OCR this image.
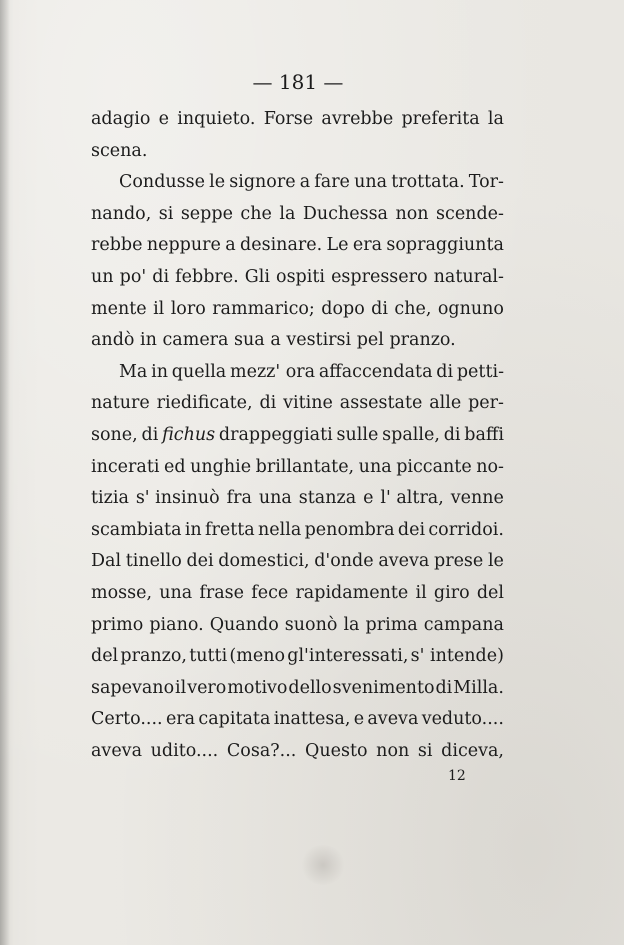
— 181 —
adagio e inquieto. Forse avrebbe preferita la
scena.
Condusse le signore a fare una trottata. Tor-
nando, si seppe che la Duchessa non scende-
rebbe neppure a desinare. Le era sopraggiunta
un po' di febbre. Gli ospiti espressero natural-
mente il loro rammarico; dopo di che, ognuno
andò in camera sua a vestirsi pel pranzo.
Ma in quella mezz' ora affaccendata di petti-
nature riedificate, di vitine assestate alle per-
sone, di fichus drappeggiati sulle spalle, di baffi
incerati ed unghie brillantate, una piccante no-
tizia s' insinuò fra una stanza e l' altra, venne
scambiata in fretta nella penombra dei corridoi.
Dal tinello dei domestici, d'onde aveva prese le
mosse, una frase fece rapidamente il giro del
primo piano. Quando suonò la prima campana
del pranzo, tutti (meno gl'interessati, s' intende)
sapevano il vero motivo dello svenimento di Milla.
Certo.... era capitata inattesa, e aveva veduto....
aveva udito.... Cosa?... Questo non si diceva,
12
